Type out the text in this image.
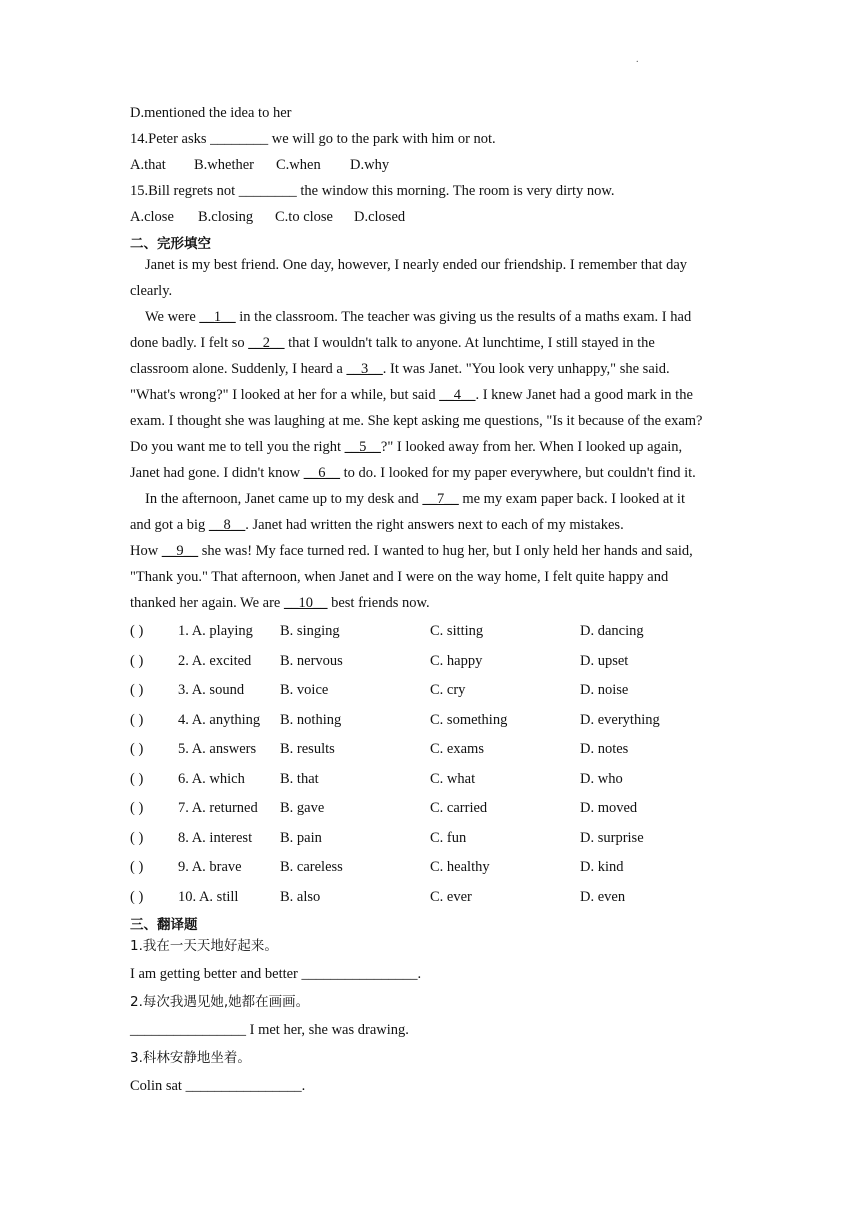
.
D.mentioned the idea to her
14.Peter asks ________ we will go to the park with him or not.
A.that B.whether C.when D.why
15.Bill regrets not ________ the window this morning. The room is very dirty now.
A.close B.closing C.to close D.closed
二、完形填空
Janet is my best friend. One day, however, I nearly ended our friendship. I remember that day
clearly.
We were __1__ in the classroom. The teacher was giving us the results of a maths exam. I had
done badly. I felt so __2__ that I wouldn't talk to anyone. At lunchtime, I still stayed in the
classroom alone. Suddenly, I heard a __3__. It was Janet. "You look very unhappy," she said.
"What's wrong?" I looked at her for a while, but said __4__. I knew Janet had a good mark in the
exam. I thought she was laughing at me. She kept asking me questions, "Is it because of the exam?
Do you want me to tell you the right __5__?" I looked away from her. When I looked up again,
Janet had gone. I didn't know __6__ to do. I looked for my paper everywhere, but couldn't find it.
In the afternoon, Janet came up to my desk and __7__ me my exam paper back. I looked at it
and got a big __8__. Janet had written the right answers next to each of my mistakes.
How __9__ she was! My face turned red. I wanted to hug her, but I only held her hands and said,
"Thank you." That afternoon, when Janet and I were on the way home, I felt quite happy and
thanked her again. We are __10__ best friends now.
( ) 1. A. playing B. singing	C. sitting	D. dancing
( ) 2. A. excited B. nervous	C. happy	D. upset
( ) 3. A. sound B. voice	C. cry	D. noise
( ) 4. A. anything B. nothing	C. something	D. everything
( ) 5. A. answers B. results	C. exams	D. notes
( ) 6. A. which B. that	C. what	D. who
( ) 7. A. returned B. gave	C. carried	D. moved
( ) 8. A. interest B. pain	C. fun	D. surprise
( ) 9. A. brave	B. careless	C. healthy	D. kind
( ) 10. A. still	B. also	C. ever	D. even
三、翻译题
1.我在一天天地好起来。
I am getting better and better ________________.
2.每次我遇见她,她都在画画。
________________ I met her, she was drawing.
3.科林安静地坐着。
Colin sat ________________.
